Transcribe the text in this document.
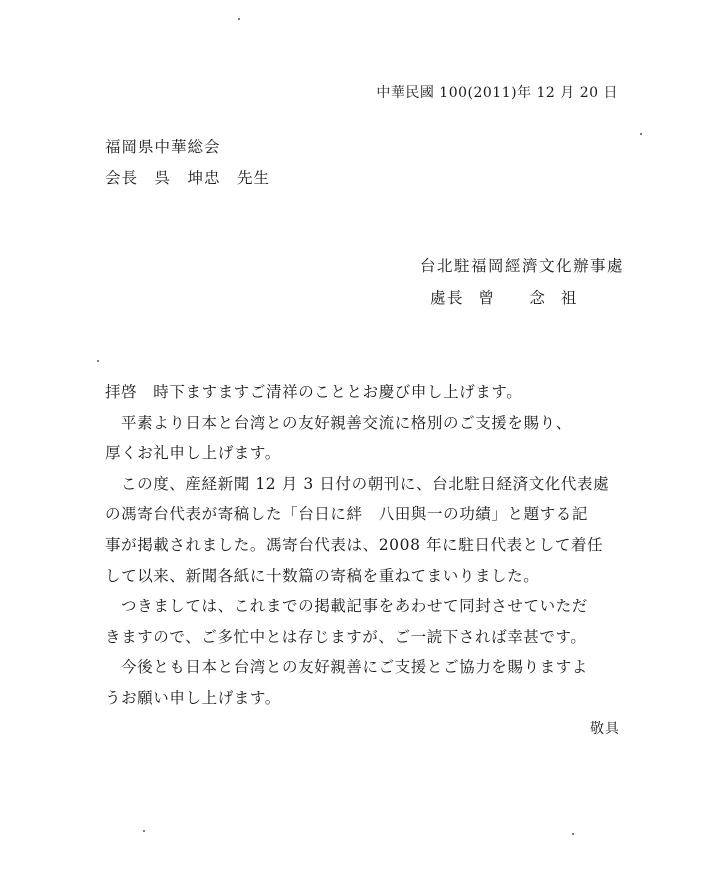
中華民國 100(2011)年 12 月 20 日
福岡県中華総会
会長　呉　坤忠　先生
台北駐福岡經濟文化辦事處
處長 曾　　念 祖

拝啓　時下ますますご清祥のこととお慶び申し上げます。

平素より日本と台湾との友好親善交流に格別のご支援を賜り、

厚くお礼申し上げます。

この度、産経新聞 12 月 3 日付の朝刊に、台北駐日経済文化代表處

の馮寄台代表が寄稿した「台日に絆　八田與一の功績」と題する記

事が掲載されました。馮寄台代表は、2008 年に駐日代表として着任

して以来、新聞各紙に十数篇の寄稿を重ねてまいりました。

つきましては、これまでの掲載記事をあわせて同封させていただ

きますので、ご多忙中とは存じますが、ご一読下されば幸甚です。

今後とも日本と台湾との友好親善にご支援とご協力を賜りますよ

うお願い申し上げます。

敬具
